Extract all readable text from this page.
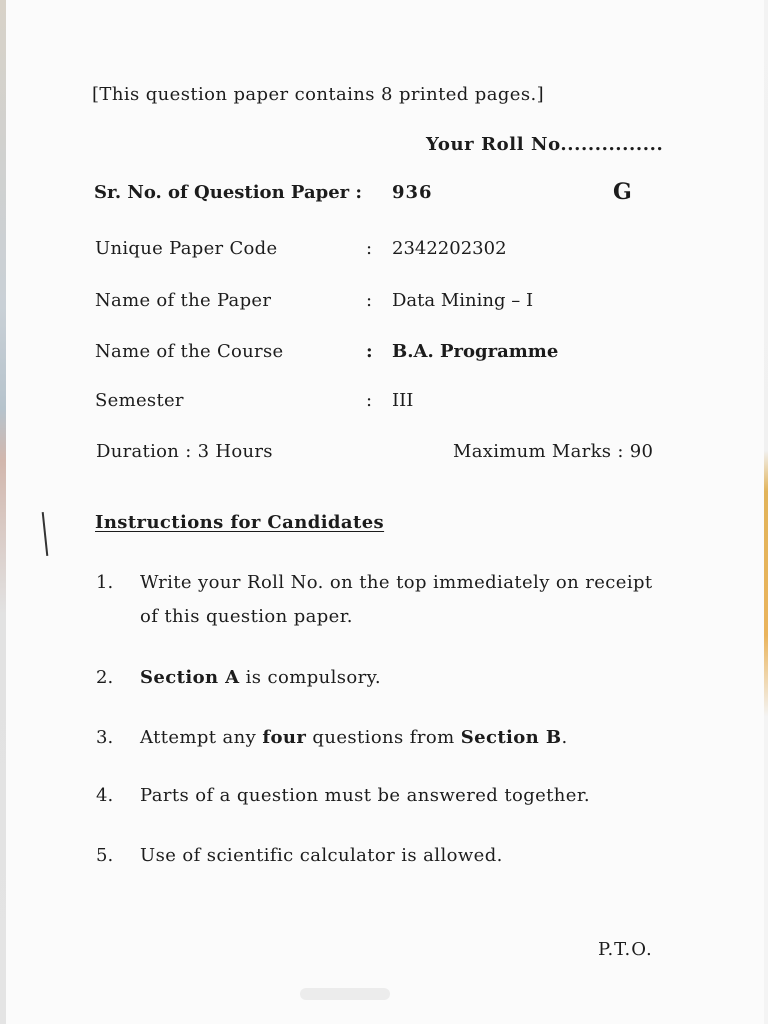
[This question paper contains 8 printed pages.]
Your Roll No...............
Sr. No. of Question Paper : 936	G
Unique Paper Code	: 2342202302
Name of the Paper	: Data Mining – I
Name of the Course	: B.A. Programme
Semester	: III
Duration : 3 Hours	Maximum Marks : 90
Instructions for Candidates
1. Write your Roll No. on the top immediately on receipt
of this question paper.
2. Section A is compulsory.
3. Attempt any four questions from Section B.
4. Parts of a question must be answered together.
5. Use of scientific calculator is allowed.
P.T.O.
